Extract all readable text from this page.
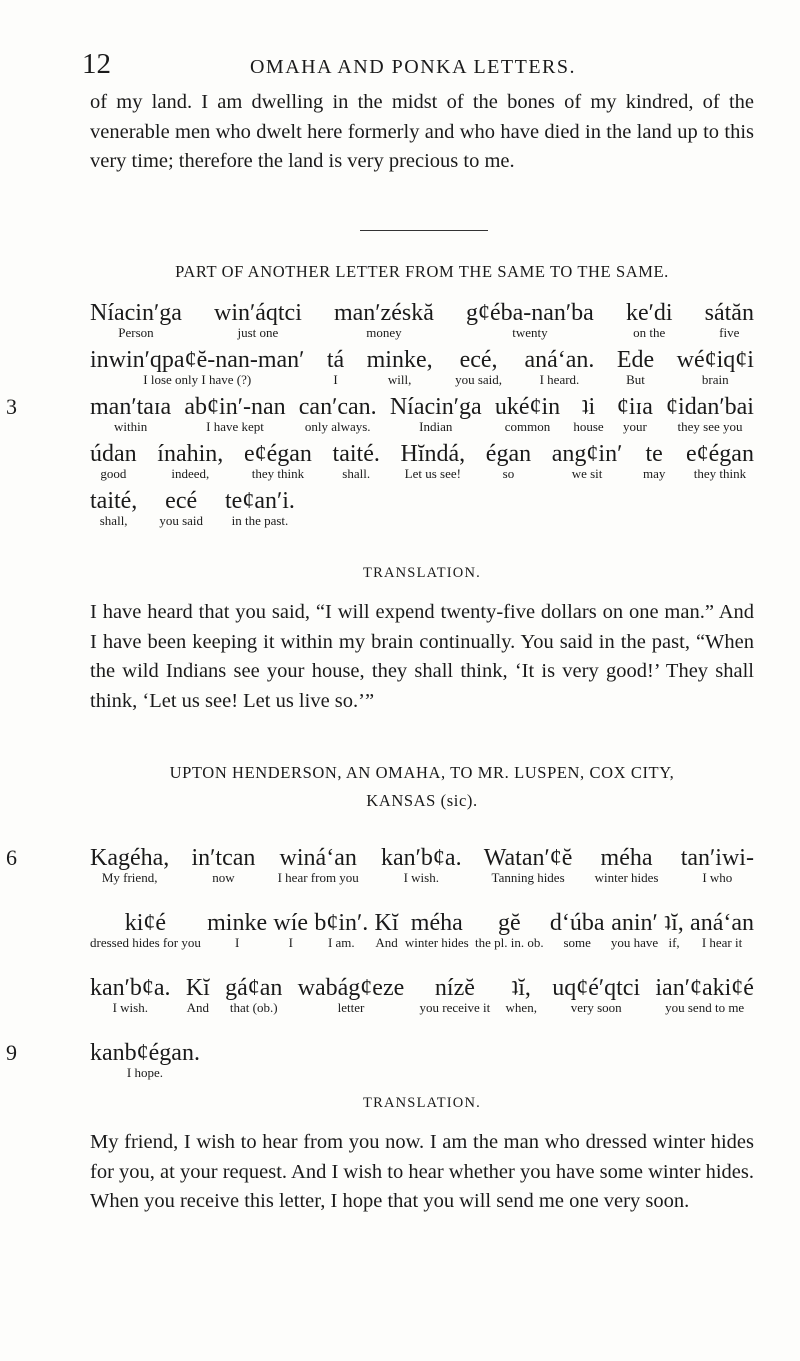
12	OMAHA AND PONKA LETTERS.
of my land. I am dwelling in the midst of the bones of my kindred, of the venerable men who dwelt here formerly and who have died in the land up to this very time; therefore the land is very precious to me.
PART OF ANOTHER LETTER FROM THE SAME TO THE SAME.
Níacinʹga
Person
winʹáqtci
just one
manʹzéskă
money
gȼéba-nanʹba
twenty
keʹdi
on the
sátăn
five
inwinʹqpaȼĕ-nan-manʹ
I lose only I have (?)
tá
I
minke,
will,
ecé,
you said,
anáʻan.
I heard.
Ede
But
wéȼiqȼi
brain
manʹtaɪa
within
abȼinʹ-nan
I have kept
canʹcan.
only always.
Níacinʹga
Indian
ukéȼin
common
ʇi
house
ȼiɪa
your
ȼidanʹbai
they see you
údan
good
ínahin,
indeed,
eȼégan
they think
taité.
shall.
Hĭndá,
Let us see!
égan
so
angȼinʹ
we sit
te
may
eȼégan
they think
taité,
shall,
ecé
you said
teȼanʹi.
in the past.
3
TRANSLATION.
I have heard that you said, “I will expend twenty-five dollars on one man.” And I have been keeping it within my brain continually. You said in the past, “When the wild Indians see your house, they shall think, ‘It is very good!’ They shall think, ‘Let us see! Let us live so.’”
UPTON HENDERSON, AN OMAHA, TO MR. LUSPEN, COX CITY,
KANSAS (sic).
Kagéha,
My friend,
inʹtcan
now
wináʻan
I hear from you
kanʹbȼa.
I wish.
Watanʹȼĕ
Tanning hides
méha
winter hides
tanʹiwi-
I who
kiȼé
dressed hides for you
minke
I
wíe
I
bȼinʹ.
I am.
Kĭ
And
méha
winter hides
gĕ
the pl. in. ob.
dʻúba
some
aninʹ
you have
ʇĭ,
if,
anáʻan
I hear it
kanʹbȼa.
I wish.
Kĭ
And
gáȼan
that (ob.)
wabágȼeze
letter
nízĕ
you receive it
ʇĭ,
when,
uqȼéʹqtci
very soon
ianʹȼakiȼé
you send to me
kanbȼégan.
I hope.
6
9
TRANSLATION.
My friend, I wish to hear from you now. I am the man who dressed winter hides for you, at your request. And I wish to hear whether you have some winter hides. When you receive this letter, I hope that you will send me one very soon.
